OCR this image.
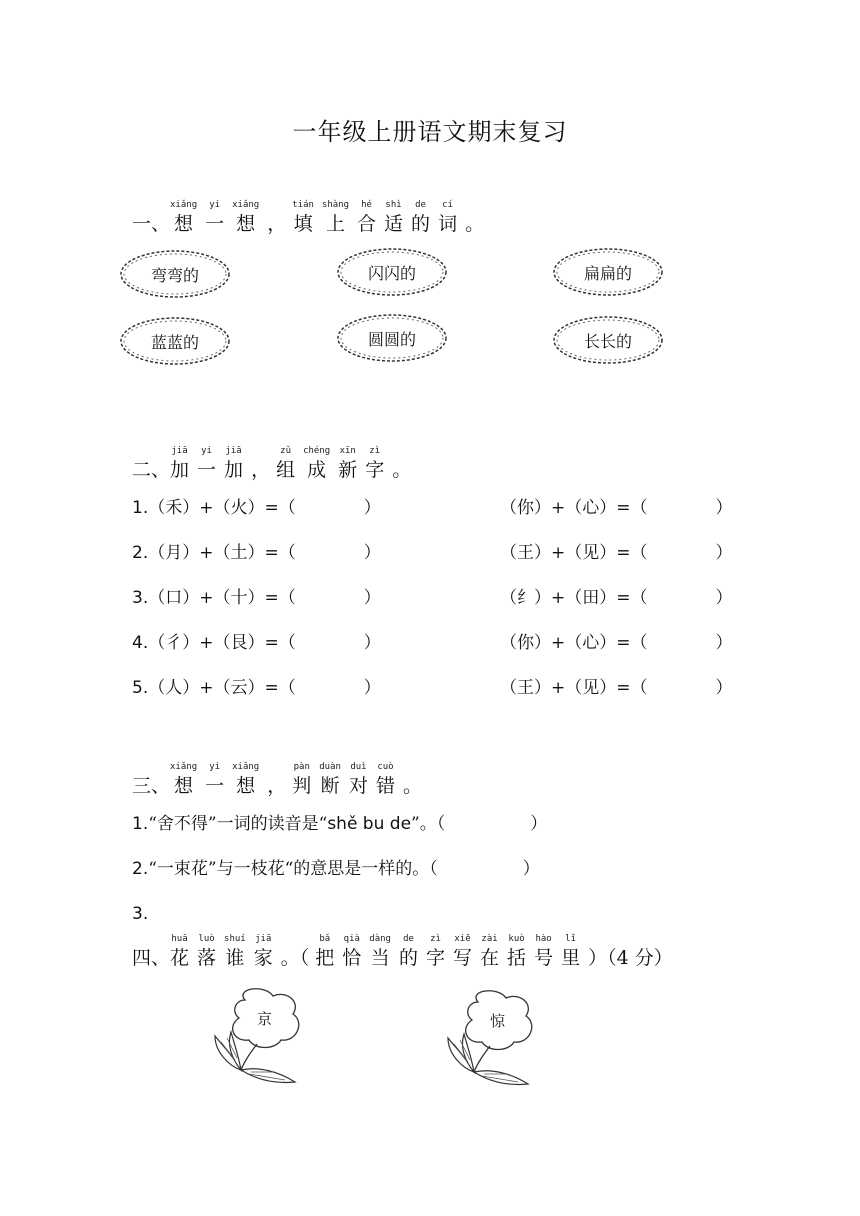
一年级上册语文期末复习
一、
xiǎng
想
yi
一
xiǎng
想 ，
tián
填
shàng
上
hé
合
shì
适
de
的
cí
词 。
弯弯的	闪闪的	扁扁的
蓝蓝的	圆圆的	长长的
二、
jiā
加
yi
一
jiā
加 ，
zǔ
组
chéng
成
xīn
新
zì
字 。
1.（禾）+（火）=（　　　　）	（你）+（心）=（　　　　）
2.（月）+（土）=（　　　　）	（王）+（见）=（　　　　）
3.（口）+（十）=（　　　　）	（纟）+（田）=（　　　　）
4.（彳）+（艮）=（　　　　）	（你）+（心）=（　　　　）
5.（人）+（云）=（　　　　）	（王）+（见）=（　　　　）
三、
xiǎng
想
yi
一
xiǎng
想 ，
pàn
判
duàn
断
duì
对
cuò
错 。
1.“舍不得”一词的读音是“shě bu de”。（　　　　　）
2.“一束花”与一枝花“的意思是一样的。（　　　　　）
3.
四、
huā
花
luò
落
shuí
谁
jiā
家 。（
bǎ
把
qià
恰
dàng
当
de
的
zì
字
xiě
写
zài
在
kuò
括
hào
号
lǐ
里 ）（4 分）
京	惊
